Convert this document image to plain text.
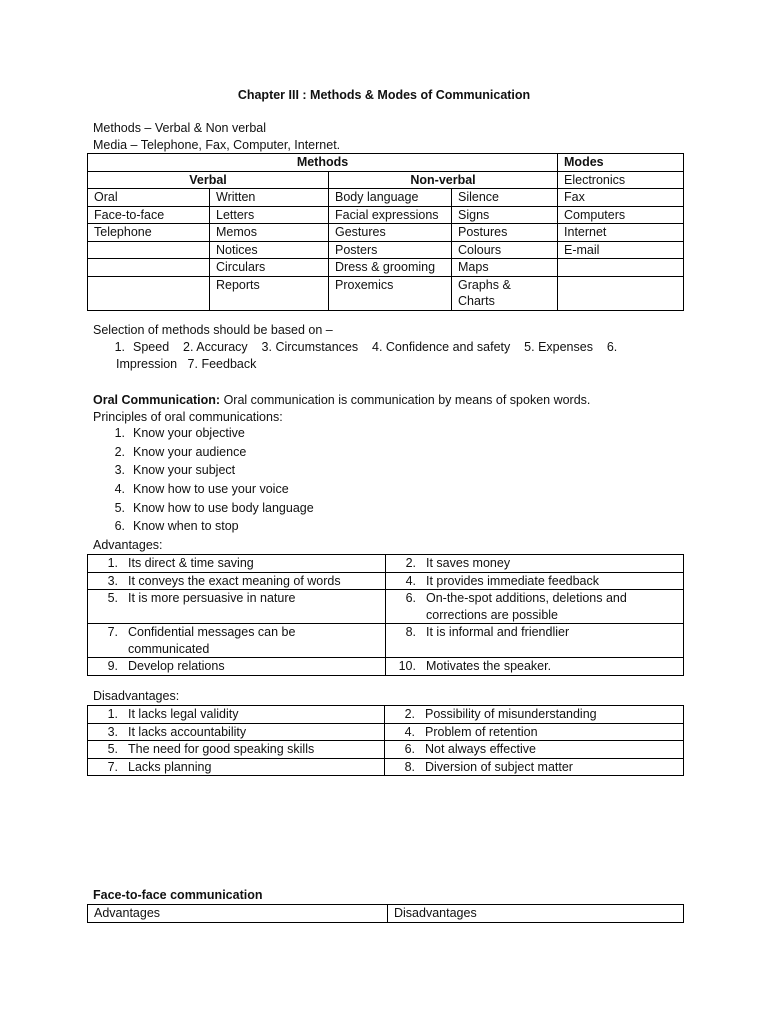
Chapter III : Methods & Modes of Communication
Methods – Verbal & Non verbal
Media – Telephone, Fax, Computer, Internet.
Methods				Modes
Verbal		Non-verbal		Electronics
Oral	Written	Body language	Silence	Fax
Face-to-face	Letters	Facial expressions	Signs	Computers
Telephone	Memos	Gestures	Postures	Internet
	Notices	Posters	Colours	E-mail
	Circulars	Dress & grooming	Maps	
	Reports	Proxemics	Graphs & Charts	
Selection of methods should be based on –
1. Speed    2. Accuracy    3. Circumstances    4. Confidence and safety    5. Expenses    6.
Impression   7. Feedback
Oral Communication: Oral communication is communication by means of spoken words.
Principles of oral communications:
1. Know your objective
2. Know your audience
3. Know your subject
4. Know how to use your voice
5. Know how to use body language
6. Know when to stop
Advantages:
1. Its direct & time saving	2. It saves money

3. It conveys the exact meaning of words	4. It provides immediate feedback

5. It is more persuasive in nature	6. On-the-spot additions, deletions and corrections are possible

7. Confidential messages can be communicated	8. It is informal and friendlier

9. Develop relations	10. Motivates the speaker.
Disadvantages:
1. It lacks legal validity	2. Possibility of misunderstanding

3. It lacks accountability	4. Problem of retention

5. The need for good speaking skills	6. Not always effective

7. Lacks planning	8. Diversion of subject matter
Face-to-face communication
Advantages	Disadvantages
